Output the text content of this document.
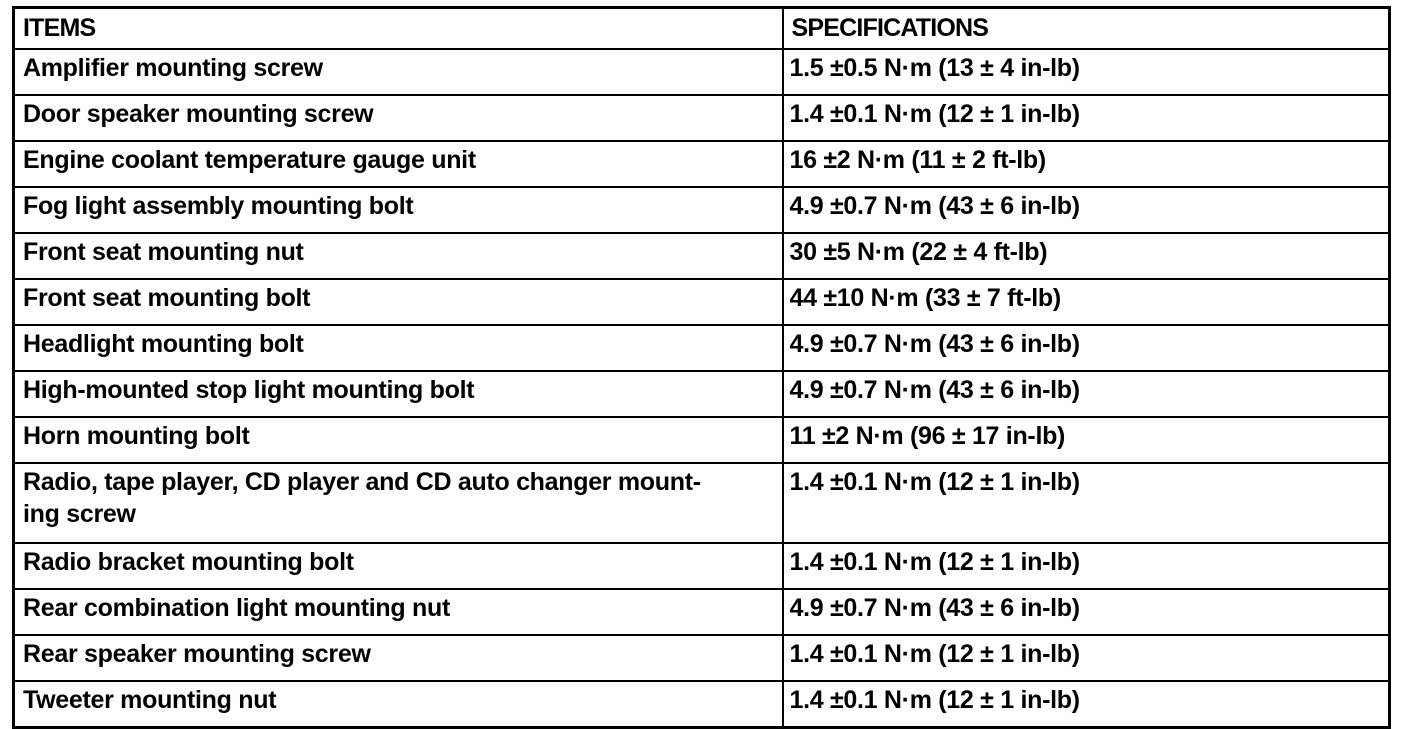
ITEMS	SPECIFICATIONS
Amplifier mounting screw	1.5 ±0.5 N·m (13 ± 4 in-lb)
Door speaker mounting screw	1.4 ±0.1 N·m (12 ± 1 in-lb)
Engine coolant temperature gauge unit	16 ±2 N·m (11 ± 2 ft-lb)
Fog light assembly mounting bolt	4.9 ±0.7 N·m (43 ± 6 in-lb)
Front seat mounting nut	30 ±5 N·m (22 ± 4 ft-lb)
Front seat mounting bolt	44 ±10 N·m (33 ± 7 ft-lb)
Headlight mounting bolt	4.9 ±0.7 N·m (43 ± 6 in-lb)
High-mounted stop light mounting bolt	4.9 ±0.7 N·m (43 ± 6 in-lb)
Horn mounting bolt	11 ±2 N·m (96 ± 17 in-lb)
Radio, tape player, CD player and CD auto changer mount-
ing screw	1.4 ±0.1 N·m (12 ± 1 in-lb)
Radio bracket mounting bolt	1.4 ±0.1 N·m (12 ± 1 in-lb)
Rear combination light mounting nut	4.9 ±0.7 N·m (43 ± 6 in-lb)
Rear speaker mounting screw	1.4 ±0.1 N·m (12 ± 1 in-lb)
Tweeter mounting nut	1.4 ±0.1 N·m (12 ± 1 in-lb)
